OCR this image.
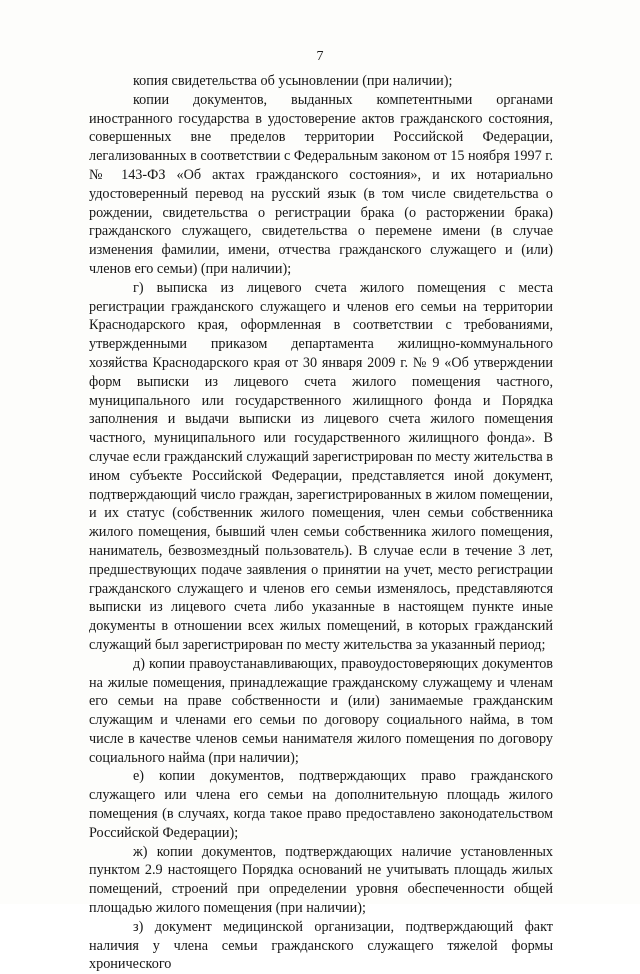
7

копия свидетельства об усыновлении (при наличии);

копии документов, выданных компетентными органами иностранного государства в удостоверение актов гражданского состояния, совершенных вне пределов территории Российской Федерации, легализованных в соответствии с Федеральным законом от 15 ноября 1997 г. № 143-ФЗ «Об актах гражданского состояния», и их нотариально удостоверенный перевод на русский язык (в том числе свидетельства о рождении, свидетельства о регистрации брака (о расторжении брака) гражданского служащего, свидетельства о перемене имени (в случае изменения фамилии, имени, отчества гражданского служащего и (или) членов его семьи) (при наличии);

г) выписка из лицевого счета жилого помещения с места регистрации гражданского служащего и членов его семьи на территории Краснодарского края, оформленная в соответствии с требованиями, утвержденными приказом департамента жилищно-коммунального хозяйства Краснодарского края от 30 января 2009 г. № 9 «Об утверждении форм выписки из лицевого счета жилого помещения частного, муниципального или государственного жилищного фонда и Порядка заполнения и выдачи выписки из лицевого счета жилого помещения частного, муниципального или государственного жилищного фонда». В случае если гражданский служащий зарегистрирован по месту жительства в ином субъекте Российской Федерации, представляется иной документ, подтверждающий число граждан, зарегистрированных в жилом помещении, и их статус (собственник жилого помещения, член семьи собственника жилого помещения, бывший член семьи собственника жилого помещения, наниматель, безвозмездный пользователь). В случае если в течение 3 лет, предшествующих подаче заявления о принятии на учет, место регистрации гражданского служащего и членов его семьи изменялось, представляются выписки из лицевого счета либо указанные в настоящем пункте иные документы в отношении всех жилых помещений, в которых гражданский служащий был зарегистрирован по месту жительства за указанный период;

д) копии правоустанавливающих, правоудостоверяющих документов на жилые помещения, принадлежащие гражданскому служащему и членам его семьи на праве собственности и (или) занимаемые гражданским служащим и членами его семьи по договору социального найма, в том числе в качестве членов семьи нанимателя жилого помещения по договору социального найма (при наличии);

е) копии документов, подтверждающих право гражданского служащего или члена его семьи на дополнительную площадь жилого помещения (в случаях, когда такое право предоставлено законодательством Российской Федерации);

ж) копии документов, подтверждающих наличие установленных пунктом 2.9 настоящего Порядка оснований не учитывать площадь жилых помещений, строений при определении уровня обеспеченности общей площадью жилого помещения (при наличии);

з) документ медицинской организации, подтверждающий факт наличия у члена семьи гражданского служащего тяжелой формы хронического
